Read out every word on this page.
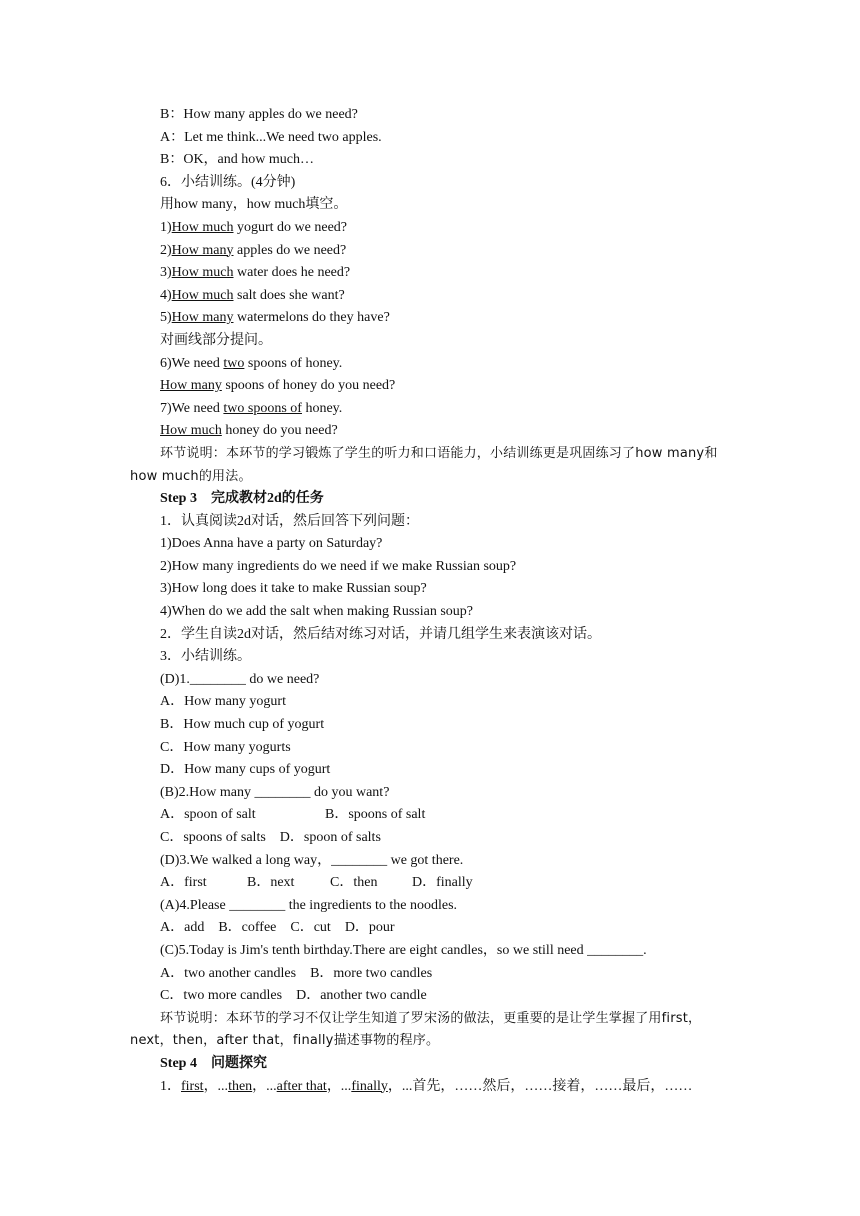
B：How many apples do we need?
A：Let me think...We need two apples.
B：OK，and how much…
6．小结训练。(4分钟)
用how many，how much填空。
1)How much yogurt do we need?
2)How many apples do we need?
3)How much water does he need?
4)How much salt does she want?
5)How many watermelons do they have?
对画线部分提问。
6)We need two spoons of honey.
How many spoons of honey do you need?
7)We need two spoons of honey.
How much honey do you need?
环节说明：本环节的学习锻炼了学生的听力和口语能力，小结训练更是巩固练习了how many和how much的用法。
Step 3　完成教材2d的任务
1．认真阅读2d对话，然后回答下列问题：
1)Does Anna have a party on Saturday?
2)How many ingredients do we need if we make Russian soup?
3)How long does it take to make Russian soup?
4)When do we add the salt when making Russian soup?
2．学生自读2d对话，然后结对练习对话，并请几组学生来表演该对话。
3．小结训练。
(D)1.________ do we need?
A．How many yogurt
B．How much cup of yogurt
C．How many yogurts
D．How many cups of yogurt
(B)2.How many ________ do you want?
A．spoon of salt	B．spoons of salt
C．spoons of salts　D．spoon of salts
(D)3.We walked a long way，________ we got there.
A．first	B．next	C．then D．finally
(A)4.Please ________ the ingredients to the noodles.
A．add　B．coffee　C．cut　D．pour
(C)5.Today is Jim's tenth birthday.There are eight candles，so we still need ________.
A．two another candles　B．more two candles
C．two more candles　D．another two candle
环节说明：本环节的学习不仅让学生知道了罗宋汤的做法，更重要的是让学生掌握了用first，next，then，after that，finally描述事物的程序。
Step 4　问题探究
1．first，...then，...after that，...finally，...首先，……然后，……接着，……最后，……
